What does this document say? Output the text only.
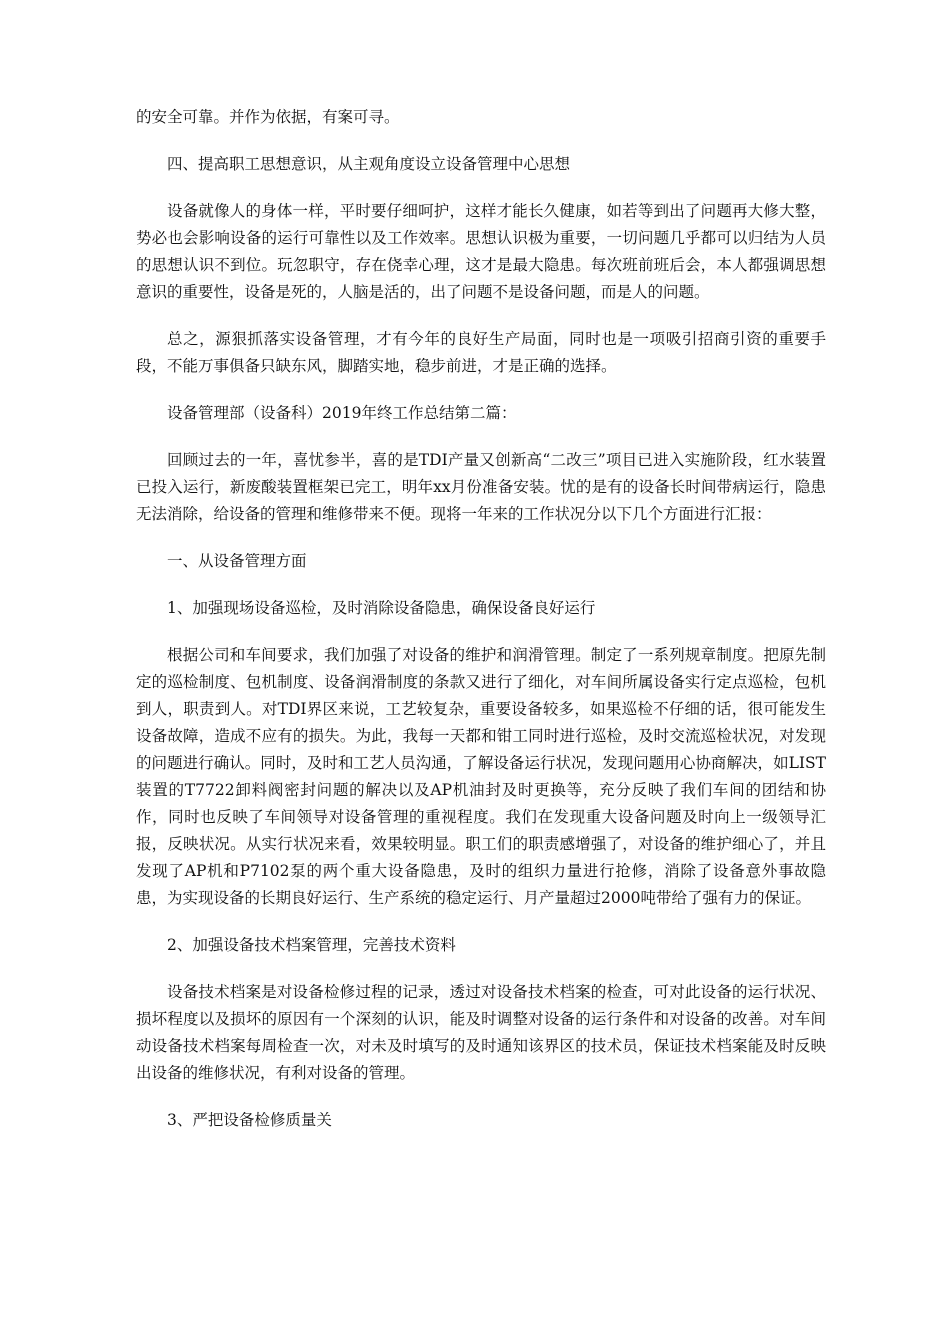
的安全可靠。并作为依据，有案可寻。

四、提高职工思想意识，从主观角度设立设备管理中心思想

设备就像人的身体一样，平时要仔细呵护，这样才能长久健康，如若等到出了问题再大修大整，势必也会影响设备的运行可靠性以及工作效率。思想认识极为重要，一切问题几乎都可以归结为人员的思想认识不到位。玩忽职守，存在侥幸心理，这才是最大隐患。每次班前班后会，本人都强调思想意识的重要性，设备是死的，人脑是活的，出了问题不是设备问题，而是人的问题。

总之，源狠抓落实设备管理，才有今年的良好生产局面，同时也是一项吸引招商引资的重要手段，不能万事俱备只缺东风，脚踏实地，稳步前进，才是正确的选择。

设备管理部（设备科）2019年终工作总结第二篇：

回顾过去的一年，喜忧参半，喜的是TDI产量又创新高“二改三”项目已进入实施阶段，红水装置已投入运行，新废酸装置框架已完工，明年xx月份准备安装。忧的是有的设备长时间带病运行，隐患无法消除，给设备的管理和维修带来不便。现将一年来的工作状况分以下几个方面进行汇报：

一、从设备管理方面

1、加强现场设备巡检，及时消除设备隐患，确保设备良好运行

根据公司和车间要求，我们加强了对设备的维护和润滑管理。制定了一系列规章制度。把原先制定的巡检制度、包机制度、设备润滑制度的条款又进行了细化，对车间所属设备实行定点巡检，包机到人，职责到人。对TDI界区来说，工艺较复杂，重要设备较多，如果巡检不仔细的话，很可能发生设备故障，造成不应有的损失。为此，我每一天都和钳工同时进行巡检，及时交流巡检状况，对发现的问题进行确认。同时，及时和工艺人员沟通，了解设备运行状况，发现问题用心协商解决，如LIST装置的T7722卸料阀密封问题的解决以及AP机油封及时更换等，充分反映了我们车间的团结和协作，同时也反映了车间领导对设备管理的重视程度。我们在发现重大设备问题及时向上一级领导汇报，反映状况。从实行状况来看，效果较明显。职工们的职责感增强了，对设备的维护细心了，并且发现了AP机和P7102泵的两个重大设备隐患，及时的组织力量进行抢修，消除了设备意外事故隐患，为实现设备的长期良好运行、生产系统的稳定运行、月产量超过2000吨带给了强有力的保证。

2、加强设备技术档案管理，完善技术资料

设备技术档案是对设备检修过程的记录，透过对设备技术档案的检查，可对此设备的运行状况、损坏程度以及损坏的原因有一个深刻的认识，能及时调整对设备的运行条件和对设备的改善。对车间动设备技术档案每周检查一次，对未及时填写的及时通知该界区的技术员，保证技术档案能及时反映出设备的维修状况，有利对设备的管理。

3、严把设备检修质量关
